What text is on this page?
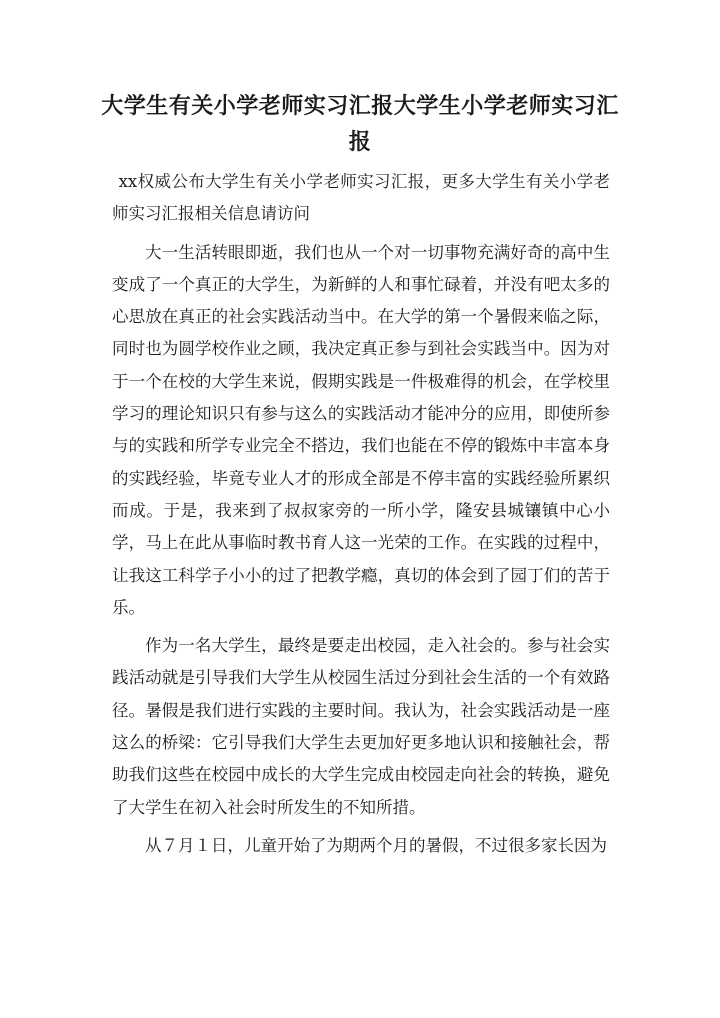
大学生有关小学老师实习汇报大学生小学老师实习汇报

xx权威公布大学生有关小学老师实习汇报，更多大学生有关小学老师实习汇报相关信息请访问

大一生活转眼即逝，我们也从一个对一切事物充满好奇的高中生变成了一个真正的大学生，为新鲜的人和事忙碌着，并没有吧太多的心思放在真正的社会实践活动当中。在大学的第一个暑假来临之际，同时也为圆学校作业之顾，我决定真正参与到社会实践当中。因为对于一个在校的大学生来说，假期实践是一件极难得的机会，在学校里学习的理论知识只有参与这么的实践活动才能冲分的应用，即使所参与的实践和所学专业完全不搭边，我们也能在不停的锻炼中丰富本身的实践经验，毕竟专业人才的形成全部是不停丰富的实践经验所累织而成。于是，我来到了叔叔家旁的一所小学，隆安县城镶镇中心小学，马上在此从事临时教书育人这一光荣的工作。在实践的过程中，让我这工科学子小小的过了把教学瘾，真切的体会到了园丁们的苦于乐。

作为一名大学生，最终是要走出校园，走入社会的。参与社会实践活动就是引导我们大学生从校园生活过分到社会生活的一个有效路径。暑假是我们进行实践的主要时间。我认为，社会实践活动是一座这么的桥梁：它引导我们大学生去更加好更多地认识和接触社会，帮助我们这些在校园中成长的大学生完成由校园走向社会的转换，避免了大学生在初入社会时所发生的不知所措。

从７月１日，儿童开始了为期两个月的暑假，不过很多家长因为
